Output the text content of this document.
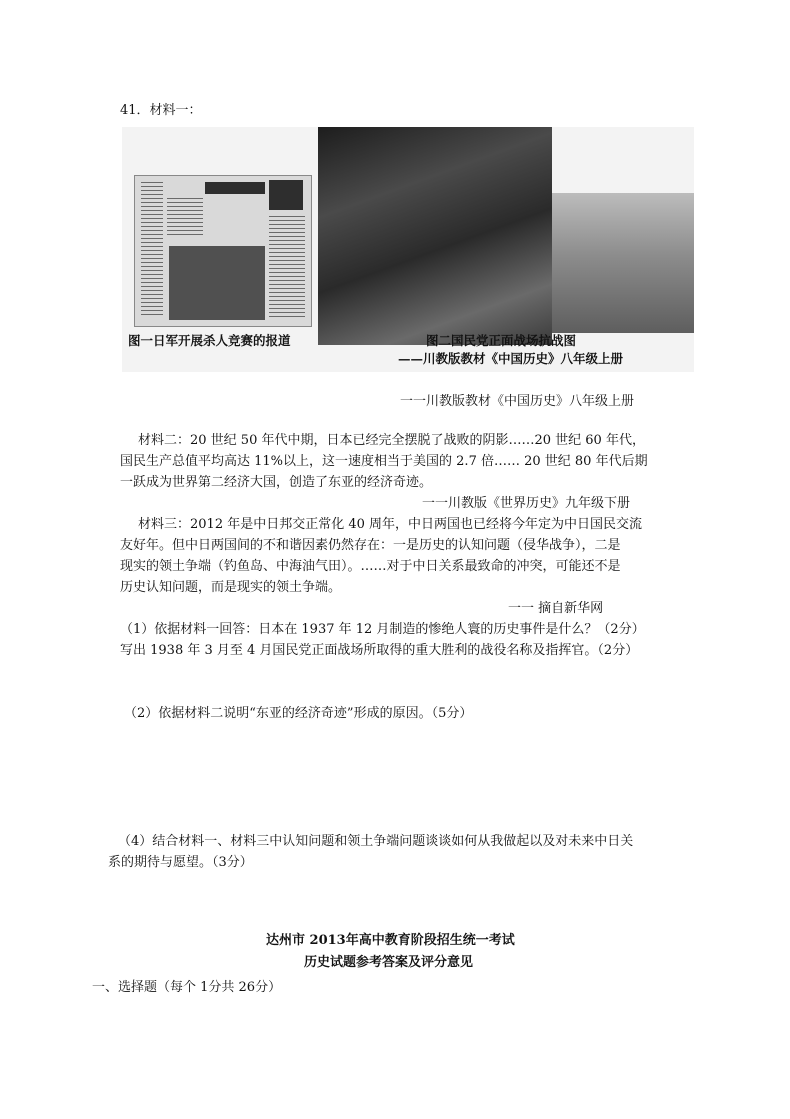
41．材料一：
图一日军开展杀人竞赛的报道	图二国民党正面战场抗战图
——川教版教材《中国历史》八年级上册
一一川教版教材《中国历史》八年级上册
材料二：20 世纪 50 年代中期，日本已经完全摆脱了战败的阴影……20 世纪 60 年代，
国民生产总值平均高达 11%以上，这一速度相当于美国的 2.7 倍…… 20 世纪 80 年代后期
一跃成为世界第二经济大国，创造了东亚的经济奇迹。
一一川教版《世界历史》九年级下册
材料三：2012 年是中日邦交正常化 40 周年，中日两国也已经将今年定为中日国民交流
友好年。但中日两国间的不和谐因素仍然存在：一是历史的认知问题（侵华战争），二是
现实的领土争端（钓鱼岛、中海油气田）。……对于中日关系最致命的冲突，可能还不是
历史认知问题，而是现实的领土争端。
一一 摘自新华网
（1）依据材料一回答：日本在 1937 年 12 月制造的惨绝人寰的历史事件是什么？（2分）
写出 1938 年 3 月至 4 月国民党正面战场所取得的重大胜利的战役名称及指挥官。（2分）
（2）依据材料二说明“东亚的经济奇迹”形成的原因。（5分）
（4）结合材料一、材料三中认知问题和领土争端问题谈谈如何从我做起以及对未来中日关
系的期待与愿望。（3分）
达州市 2013年高中教育阶段招生统一考试
历史试题参考答案及评分意见
一、选择题（每个 1分共 26分）
